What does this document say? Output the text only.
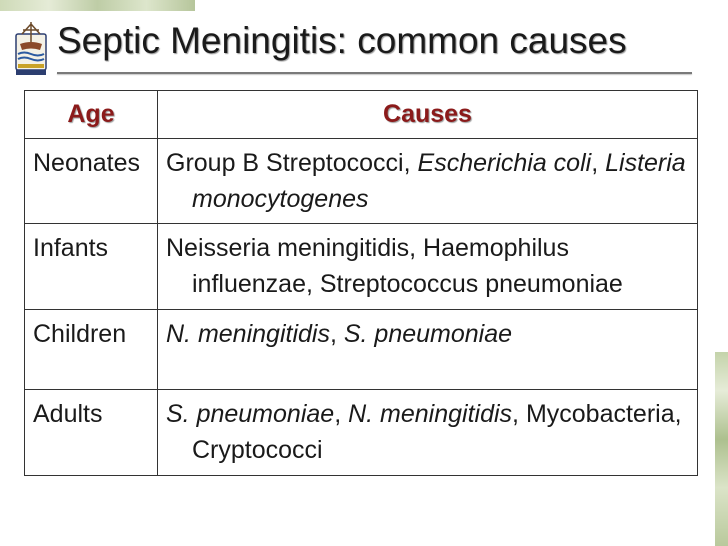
Septic Meningitis: common causes
Age	Causes

Neonates	Group B Streptococci, Escherichia coli, Listeria monocytogenes

Infants	Neisseria meningitidis, Haemophilus influenzae, Streptococcus pneumoniae

Children	N. meningitidis, S. pneumoniae

Adults	S. pneumoniae, N. meningitidis, Mycobacteria, Cryptococci
